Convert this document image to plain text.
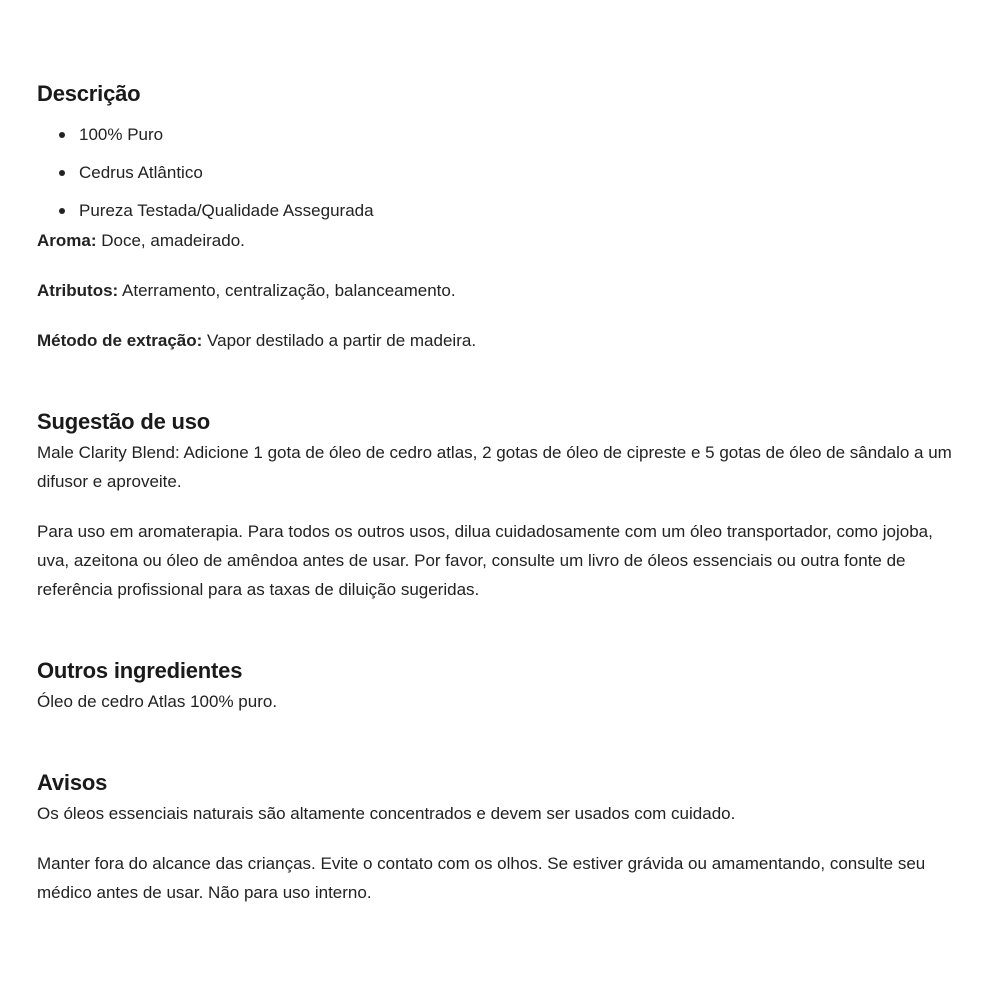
Descrição
100% Puro
Cedrus Atlântico
Pureza Testada/Qualidade Assegurada

Aroma: Doce, amadeirado.

Atributos: Aterramento, centralização, balanceamento.

Método de extração: Vapor destilado a partir de madeira.

Sugestão de uso

Male Clarity Blend: Adicione 1 gota de óleo de cedro atlas, 2 gotas de óleo de cipreste e 5 gotas de óleo de sândalo a um difusor e aproveite.

Para uso em aromaterapia. Para todos os outros usos, dilua cuidadosamente com um óleo transportador, como jojoba, uva, azeitona ou óleo de amêndoa antes de usar. Por favor, consulte um livro de óleos essenciais ou outra fonte de referência profissional para as taxas de diluição sugeridas.

Outros ingredientes

Óleo de cedro Atlas 100% puro.

Avisos

Os óleos essenciais naturais são altamente concentrados e devem ser usados com cuidado.

Manter fora do alcance das crianças. Evite o contato com os olhos. Se estiver grávida ou amamentando, consulte seu médico antes de usar. Não para uso interno.
